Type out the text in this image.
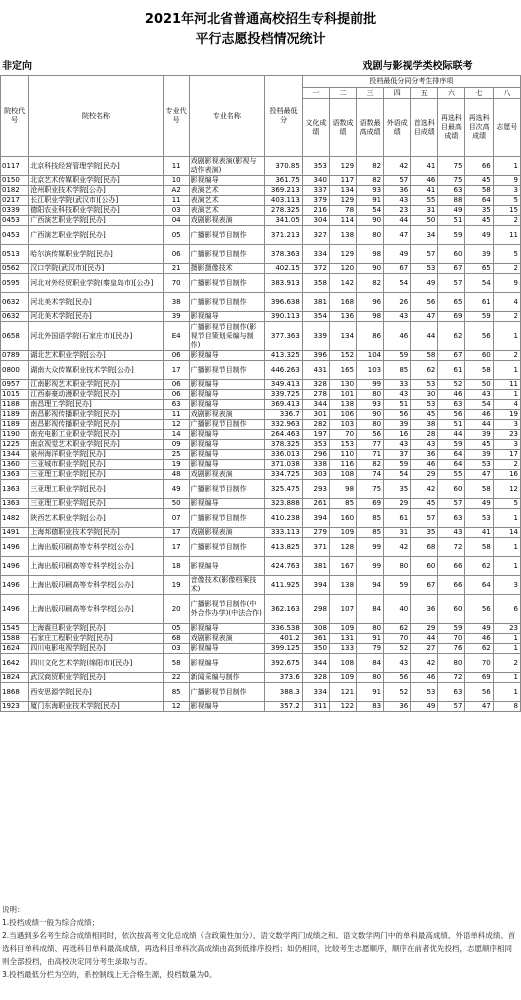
2021年河北省普通高校招生专科提前批
平行志愿投档情况统计
非定向	戏剧与影视学类校际联考
院校代号	院校名称	专业代号	专业名称	投档最低分	投档最低分同分考生排序项							
					一	二	三	四	五	六	七	八
					文化成绩	语数成绩	语数最高成绩	外语成绩	首选科目成绩	再选科目最高成绩	再选科目次高成绩	志愿号
0117	北京科技经营管理学院[民办]	11	戏剧影视表演(影视与动作表演)	370.85	353	129	82	42	41	75	66	1
0150	北京艺术传媒职业学院[民办]	10	影视编导	361.75	340	117	82	57	46	75	45	9
0182	沧州职业技术学院[公办]	A2	表演艺术	369.213	337	134	93	36	41	63	58	3
0217	长江职业学院(武汉市)[公办]	11	表演艺术	403.113	379	129	91	43	55	88	64	5
0339	德阳农业科技职业学院[民办]	03	表演艺术	278.325	216	78	54	23	31	49	35	15
0453	广西演艺职业学院[民办]	04	戏剧影视表演	341.05	304	114	90	44	50	51	45	2
0453	广西演艺职业学院[民办]	05	广播影视节目制作	371.213	327	138	80	47	34	59	49	11
0513	哈尔滨传媒职业学院[民办]	06	广播影视节目制作	378.363	334	129	98	49	57	60	39	5
0562	汉口学院(武汉市)[民办]	21	摄影摄像技术	402.15	372	120	90	67	53	67	65	2
0595	河北对外经贸职业学院(秦皇岛市)[公办]	70	广播影视节目制作	383.913	358	142	82	54	49	57	54	9
0632	河北美术学院[民办]	38	广播影视节目制作	396.638	381	168	96	26	56	65	61	4
0632	河北美术学院[民办]	39	影视编导	390.113	354	136	98	43	47	69	59	2
0658	河北外国语学院(石家庄市)[民办]	E4	广播影视节目制作(影视节目策划采编与制作)	377.363	339	134	86	46	44	62	56	1
0789	湖北艺术职业学院[公办]	06	影视编导	413.325	396	152	104	59	58	67	60	2
0800	湖南大众传媒职业技术学院[公办]	17	广播影视节目制作	446.263	431	165	103	85	62	61	58	1
0957	江南影视艺术职业学院[民办]	06	影视编导	349.413	328	130	99	33	53	52	50	11
1015	江西泰豪动漫职业学院[民办]	06	影视编导	339.725	278	101	80	43	30	46	43	1
1188	南昌理工学院[民办]	63	影视编导	369.413	344	138	93	51	53	63	54	4
1189	南昌影视传播职业学院[民办]	11	戏剧影视表演	336.7	301	106	90	56	45	56	46	19
1189	南昌影视传播职业学院[民办]	12	广播影视节目制作	332.963	282	103	80	39	38	51	44	3
1190	南充电影工业职业学院[民办]	14	影视编导	264.463	197	70	56	16	28	44	39	23
1225	南京视觉艺术职业学院[民办]	09	影视编导	378.325	353	153	77	43	43	59	45	3
1344	泉州海洋职业学院[民办]	25	影视编导	336.013	296	110	71	37	36	64	39	17
1360	三亚城市职业学院[民办]	19	影视编导	371.038	338	116	82	59	46	64	53	2
1363	三亚理工职业学院[民办]	48	戏剧影视表演	334.725	303	108	74	54	29	55	47	16
1363	三亚理工职业学院[民办]	49	广播影视节目制作	325.475	293	98	75	35	42	60	58	12
1363	三亚理工职业学院[民办]	50	影视编导	323.888	261	85	69	29	45	57	49	5
1482	陕西艺术职业学院[公办]	07	广播影视节目制作	410.238	394	160	85	61	57	63	53	1
1491	上海邦德职业技术学院[民办]	17	戏剧影视表演	333.113	279	109	85	31	35	43	41	14
1496	上海出版印刷高等专科学校[公办]	17	广播影视节目制作	413.825	371	128	99	42	68	72	58	1
1496	上海出版印刷高等专科学校[公办]	18	影视编导	424.763	381	167	99	80	60	66	62	1
1496	上海出版印刷高等专科学校[公办]	19	音像技术(影像档案技术)	411.925	394	138	94	59	67	66	64	3
1496	上海出版印刷高等专科学校[公办]	20	广播影视节目制作(中外合作办学)(中法合作)	362.163	298	107	84	40	36	60	56	6
1545	上海震旦职业学院[民办]	05	影视编导	336.538	308	109	80	62	29	59	49	23
1588	石家庄工程职业学院[民办]	68	戏剧影视表演	401.2	361	131	91	70	44	70	46	1
1624	四川电影电视学院[民办]	03	影视编导	399.125	350	133	79	52	27	76	62	1
1642	四川文化艺术学院(绵阳市)[民办]	58	影视编导	392.675	344	108	84	43	42	80	70	2
1824	武汉商贸职业学院[民办]	22	新闻采编与制作	373.6	328	109	80	56	46	72	69	1
1868	西安思源学院[民办]	85	广播影视节目制作	388.3	334	121	91	52	53	63	56	1
1923	厦门东海职业技术学院[民办]	12	影视编导	357.2	311	122	83	36	49	57	47	8
说明：
1.投档成绩一般为综合成绩；
2.当遇到多名考生综合成绩相同时，依次按高考文化总成绩（含政策性加分）、语文数学两门成绩之和、语文数学两门中的单科最高成绩、外语单科成绩、首选科目单科成绩、再选科目单科最高成绩、再选科目单科次高成绩由高到低排序投档；如仍相同，比较考生志愿顺序，顺序在前者优先投档，志愿顺序相同则全部投档，由高校决定同分考生录取与否。
3.投档最低分栏为空的，系控制线上无合格生源，投档数量为0。
